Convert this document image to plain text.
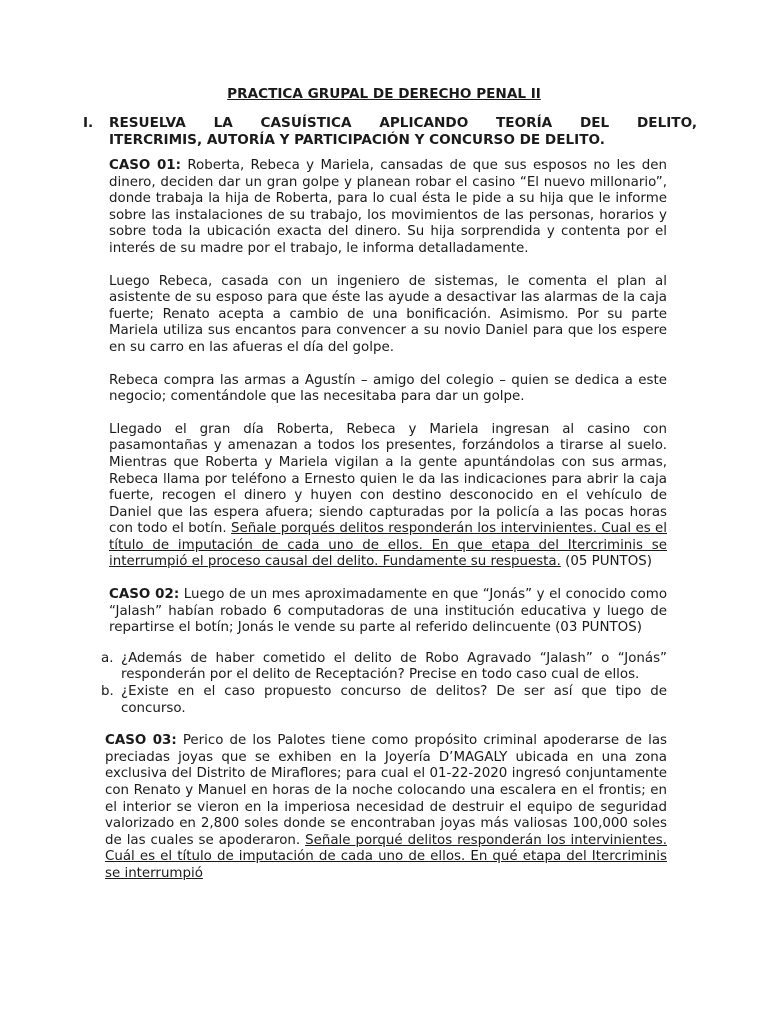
PRACTICA GRUPAL DE DERECHO PENAL II
I. RESUELVA LA CASUÍSTICA APLICANDO TEORÍA DEL DELITO,
ITERCRIMIS, AUTORÍA Y PARTICIPACIÓN Y CONCURSO DE DELITO.

CASO 01: Roberta, Rebeca y Mariela, cansadas de que sus esposos no les den dinero, deciden dar un gran golpe y planean robar el casino “El nuevo millonario”, donde trabaja la hija de Roberta, para lo cual ésta le pide a su hija que le informe sobre las instalaciones de su trabajo, los movimientos de las personas, horarios y sobre toda la ubicación exacta del dinero. Su hija sorprendida y contenta por el interés de su madre por el trabajo, le informa detalladamente.

Luego Rebeca, casada con un ingeniero de sistemas, le comenta el plan al asistente de su esposo para que éste las ayude a desactivar las alarmas de la caja fuerte; Renato acepta a cambio de una bonificación. Asimismo. Por su parte Mariela utiliza sus encantos para convencer a su novio Daniel para que los espere en su carro en las afueras el día del golpe.

Rebeca compra las armas a Agustín – amigo del colegio – quien se dedica a este negocio; comentándole que las necesitaba para dar un golpe.

Llegado el gran día Roberta, Rebeca y Mariela ingresan al casino con pasamontañas y amenazan a todos los presentes, forzándolos a tirarse al suelo. Mientras que Roberta y Mariela vigilan a la gente apuntándolas con sus armas, Rebeca llama por teléfono a Ernesto quien le da las indicaciones para abrir la caja fuerte, recogen el dinero y huyen con destino desconocido en el vehículo de Daniel que las espera afuera; siendo capturadas por la policía a las pocas horas con todo el botín. Señale porqués delitos responderán los intervinientes. Cual es el título de imputación de cada uno de ellos. En que etapa del Itercriminis se interrumpió el proceso causal del delito. Fundamente su respuesta. (05 PUNTOS)

CASO 02: Luego de un mes aproximadamente en que “Jonás” y el conocido como “Jalash” habían robado 6 computadoras de una institución educativa y luego de repartirse el botín; Jonás le vende su parte al referido delincuente (03 PUNTOS)

a. ¿Además de haber cometido el delito de Robo Agravado “Jalash” o “Jonás” responderán por el delito de Receptación? Precise en todo caso cual de ellos.
b. ¿Existe en el caso propuesto concurso de delitos? De ser así que tipo de concurso.

CASO 03: Perico de los Palotes tiene como propósito criminal apoderarse de las preciadas joyas que se exhiben en la Joyería D’MAGALY ubicada en una zona exclusiva del Distrito de Miraflores; para cual el 01-22-2020 ingresó conjuntamente con Renato y Manuel en horas de la noche colocando una escalera en el frontis; en el interior se vieron en la imperiosa necesidad de destruir el equipo de seguridad valorizado en 2,800 soles donde se encontraban joyas más valiosas 100,000 soles de las cuales se apoderaron. Señale porqué delitos responderán los intervinientes. Cuál es el título de imputación de cada uno de ellos. En qué etapa del Itercriminis se interrumpió
